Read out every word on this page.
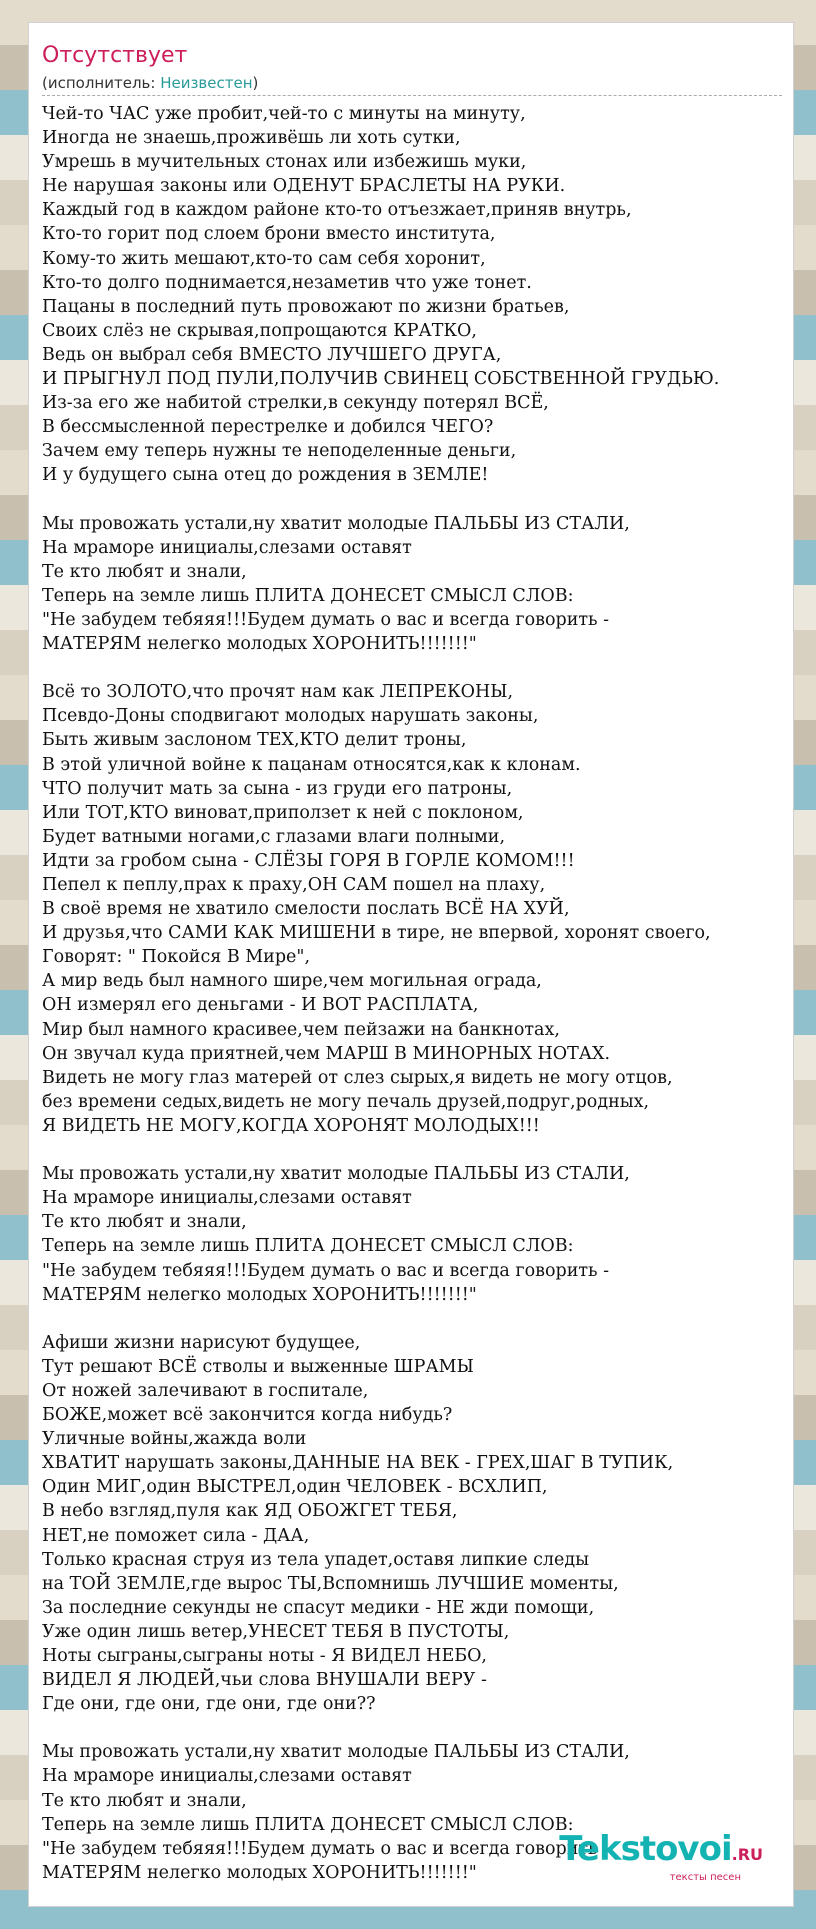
Отсутствует
(исполнитель: Неизвестен)
Чей-то ЧАС уже пробит,чей-то с минуты на минуту,
Иногда не знаешь,проживёшь ли хоть сутки,
Умрешь в мучительных стонах или избежишь муки,
Не нарушая законы или ОДЕНУТ БРАСЛЕТЫ НА РУКИ.
Каждый год в каждом районе кто-то отъезжает,приняв внутрь,
Кто-то горит под слоем брони вместо института,
Кому-то жить мешают,кто-то сам себя хоронит,
Кто-то долго поднимается,незаметив что уже тонет.
Пацаны в последний путь провожают по жизни братьев,
Своих слёз не скрывая,попрощаются КРАТКО,
Ведь он выбрал себя ВМЕСТО ЛУЧШЕГО ДРУГА,
И ПРЫГНУЛ ПОД ПУЛИ,ПОЛУЧИВ СВИНЕЦ СОБСТВЕННОЙ ГРУДЬЮ.
Из-за его же набитой стрелки,в секунду потерял ВСЁ,
В бессмысленной перестрелке и добился ЧЕГО?
Зачем ему теперь нужны те неподеленные деньги,
И у будущего сына отец до рождения в ЗЕМЛЕ!
Мы провожать устали,ну хватит молодые ПАЛЬБЫ ИЗ СТАЛИ,
На мраморе инициалы,слезами оставят
Те кто любят и знали,
Теперь на земле лишь ПЛИТА ДОНЕСЕТ СМЫСЛ СЛОВ:
"Не забудем тебяяя!!!Будем думать о вас и всегда говорить -
МАТЕРЯМ нелегко молодых ХОРОНИТЬ!!!!!!!"
Всё то ЗОЛОТО,что прочят нам как ЛЕПРЕКОНЫ,
Псевдо-Доны сподвигают молодых нарушать законы,
Быть живым заслоном ТЕХ,КТО делит троны,
В этой уличной войне к пацанам относятся,как к клонам.
ЧТО получит мать за сына - из груди его патроны,
Или ТОТ,КТО виноват,приползет к ней с поклоном,
Будет ватными ногами,с глазами влаги полными,
Идти за гробом сына - СЛЁЗЫ ГОРЯ В ГОРЛЕ КОМОМ!!!
Пепел к пеплу,прах к праху,ОН САМ пошел на плаху,
В своё время не хватило смелости послать ВСЁ НА ХУЙ,
И друзья,что САМИ КАК МИШЕНИ в тире, не впервой, хоронят своего,
Говорят: " Покойся В Мире",
А мир ведь был намного шире,чем могильная ограда,
ОН измерял его деньгами - И ВОТ РАСПЛАТА,
Мир был намного красивее,чем пейзажи на банкнотах,
Он звучал куда приятней,чем МАРШ В МИНОРНЫХ НОТАХ.
Видеть не могу глаз матерей от слез сырых,я видеть не могу отцов,
без времени седых,видеть не могу печаль друзей,подруг,родных,
Я ВИДЕТЬ НЕ МОГУ,КОГДА ХОРОНЯТ МОЛОДЫХ!!!
Мы провожать устали,ну хватит молодые ПАЛЬБЫ ИЗ СТАЛИ,
На мраморе инициалы,слезами оставят
Те кто любят и знали,
Теперь на земле лишь ПЛИТА ДОНЕСЕТ СМЫСЛ СЛОВ:
"Не забудем тебяяя!!!Будем думать о вас и всегда говорить -
МАТЕРЯМ нелегко молодых ХОРОНИТЬ!!!!!!!"
Афиши жизни нарисуют будущее,
Тут решают ВСЁ стволы и выженные ШРАМЫ
От ножей залечивают в госпитале,
БОЖЕ,может всё закончится когда нибудь?
Уличные войны,жажда воли
ХВАТИТ нарушать законы,ДАННЫЕ НА ВЕК - ГРЕХ,ШАГ В ТУПИК,
Один МИГ,один ВЫСТРЕЛ,один ЧЕЛОВЕК - ВСХЛИП,
В небо взгляд,пуля как ЯД ОБОЖГЕТ ТЕБЯ,
НЕТ,не поможет сила - ДАА,
Только красная струя из тела упадет,оставя липкие следы
на ТОЙ ЗЕМЛЕ,где вырос ТЫ,Вспомнишь ЛУЧШИЕ моменты,
За последние секунды не спасут медики - НЕ жди помощи,
Уже один лишь ветер,УНЕСЕТ ТЕБЯ В ПУСТОТЫ,
Ноты сыграны,сыграны ноты - Я ВИДЕЛ НЕБО,
ВИДЕЛ Я ЛЮДЕЙ,чьи слова ВНУШАЛИ ВЕРУ -
Где они, где они, где они, где они??
Мы провожать устали,ну хватит молодые ПАЛЬБЫ ИЗ СТАЛИ,
На мраморе инициалы,слезами оставят
Те кто любят и знали,
Теперь на земле лишь ПЛИТА ДОНЕСЕТ СМЫСЛ СЛОВ:
"Не забудем тебяяя!!!Будем думать о вас и всегда говорить -
МАТЕРЯМ нелегко молодых ХОРОНИТЬ!!!!!!!"
Tekstovoi.RU
тексты песен
